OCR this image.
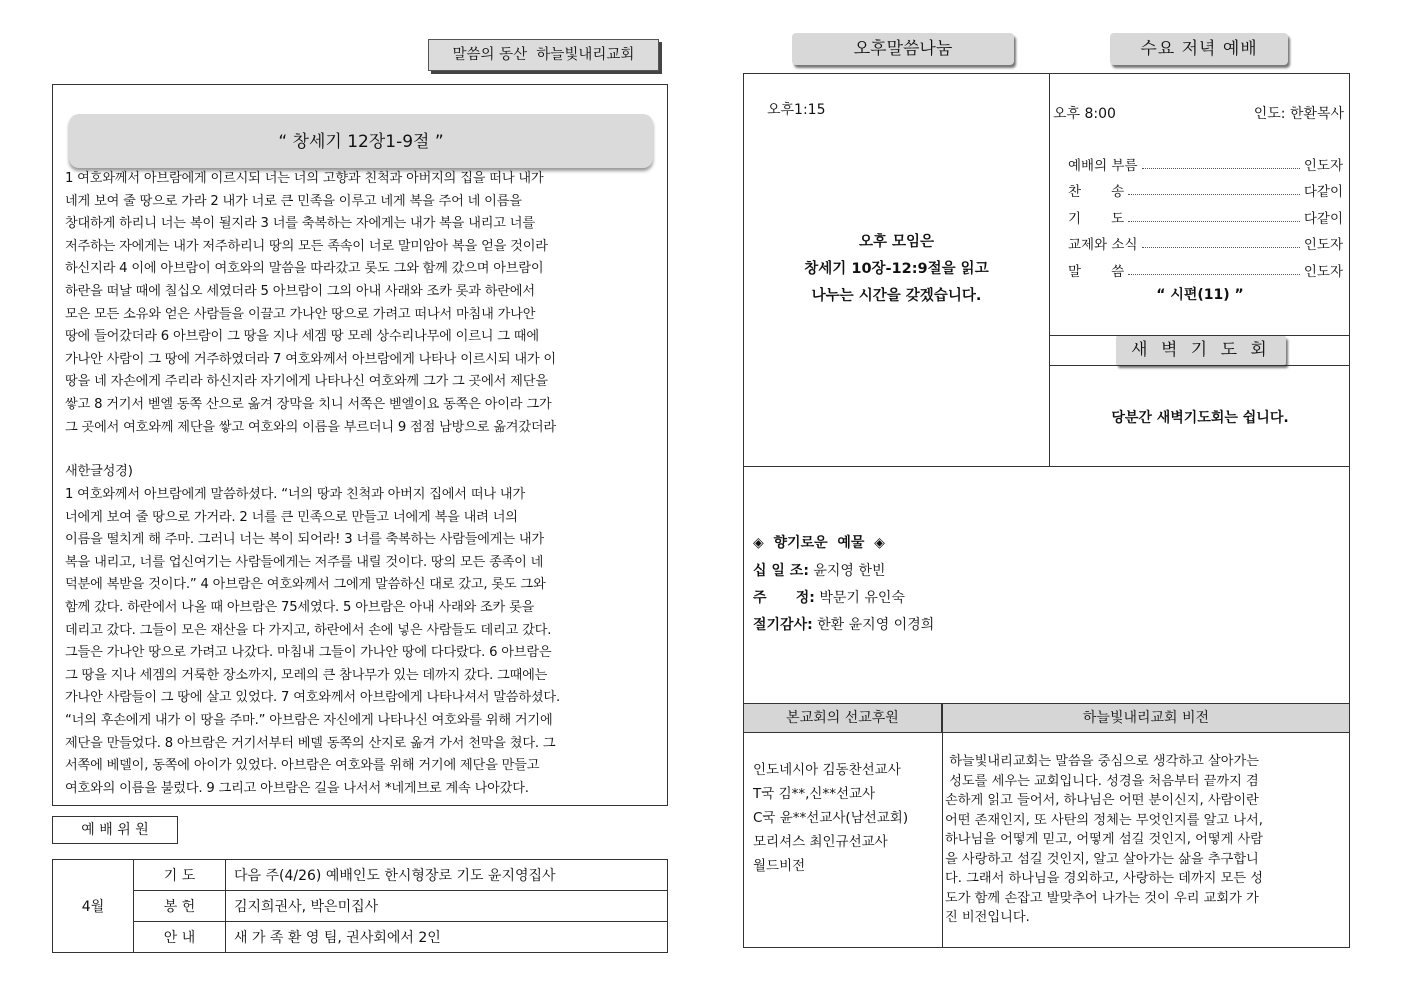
말씀의 동산  하늘빛내리교회
“ 창세기 12장1-9절 ”
1 여호와께서 아브람에게 이르시되 너는 너의 고향과 친척과 아버지의 집을 떠나 내가
네게 보여 줄 땅으로 가라 2 내가 너로 큰 민족을 이루고 네게 복을 주어 네 이름을
창대하게 하리니 너는 복이 될지라 3 너를 축복하는 자에게는 내가 복을 내리고 너를
저주하는 자에게는 내가 저주하리니 땅의 모든 족속이 너로 말미암아 복을 얻을 것이라
하신지라 4 이에 아브람이 여호와의 말씀을 따라갔고 롯도 그와 함께 갔으며 아브람이
하란을 떠날 때에 칠십오 세였더라 5 아브람이 그의 아내 사래와 조카 롯과 하란에서
모은 모든 소유와 얻은 사람들을 이끌고 가나안 땅으로 가려고 떠나서 마침내 가나안
땅에 들어갔더라 6 아브람이 그 땅을 지나 세겜 땅 모레 상수리나무에 이르니 그 때에
가나안 사람이 그 땅에 거주하였더라 7 여호와께서 아브람에게 나타나 이르시되 내가 이
땅을 네 자손에게 주리라 하신지라 자기에게 나타나신 여호와께 그가 그 곳에서 제단을
쌓고 8 거기서 벧엘 동쪽 산으로 옮겨 장막을 치니 서쪽은 벧엘이요 동쪽은 아이라 그가
그 곳에서 여호와께 제단을 쌓고 여호와의 이름을 부르더니 9 점점 남방으로 옮겨갔더라
새한글성경)
1 여호와께서 아브람에게 말씀하셨다. “너의 땅과 친척과 아버지 집에서 떠나 내가
너에게 보여 줄 땅으로 가거라. 2 너를 큰 민족으로 만들고 너에게 복을 내려 너의
이름을 떨치게 해 주마. 그러니 너는 복이 되어라! 3 너를 축복하는 사람들에게는 내가
복을 내리고, 너를 업신여기는 사람들에게는 저주를 내릴 것이다. 땅의 모든 종족이 네
덕분에 복받을 것이다.” 4 아브람은 여호와께서 그에게 말씀하신 대로 갔고, 롯도 그와
함께 갔다. 하란에서 나올 때 아브람은 75세였다. 5 아브람은 아내 사래와 조카 롯을
데리고 갔다. 그들이 모은 재산을 다 가지고, 하란에서 손에 넣은 사람들도 데리고 갔다.
그들은 가나안 땅으로 가려고 나갔다. 마침내 그들이 가나안 땅에 다다랐다. 6 아브람은
그 땅을 지나 세겜의 거룩한 장소까지, 모레의 큰 참나무가 있는 데까지 갔다. 그때에는
가나안 사람들이 그 땅에 살고 있었다. 7 여호와께서 아브람에게 나타나셔서 말씀하셨다.
“너의 후손에게 내가 이 땅을 주마.” 아브람은 자신에게 나타나신 여호와를 위해 거기에
제단을 만들었다. 8 아브람은 거기서부터 베델 동쪽의 산지로 옮겨 가서 천막을 쳤다. 그
서쪽에 베델이, 동쪽에 아이가 있었다. 아브람은 여호와를 위해 거기에 제단을 만들고
여호와의 이름을 불렀다. 9 그리고 아브람은 길을 나서서 *네게브로 계속 나아갔다.
예 배 위 원
4월	기 도	다음 주(4/26) 예배인도 한시형장로 기도 윤지영집사
	봉 헌	김지희권사, 박은미집사
	안 내	새 가 족 환 영 팀, 권사회에서 2인
오후말씀나눔	수요 저녁 예배
오후1:15
오후 모임은
창세기 10장-12:9절을 읽고
나누는 시간을 갖겠습니다.
오후 8:00	인도: 한환목사
예배의 부름	인도자
찬       송	다같이
기       도	다같이
교제와 소식	인도자
말       씀	인도자
“ 시편(11) ”
새 벽 기 도 회
당분간 새벽기도회는 쉽니다.
◈  향기로운  예물  ◈
십 일 조: 윤지영 한빈
주      정: 박문기 유인숙
절기감사: 한환 윤지영 이경희
본교회의 선교후원	하늘빛내리교회 비전
인도네시아 김동찬선교사
T국 김**,신**선교사
C국 윤**선교사(남선교회)
모리셔스 최인규선교사
월드비전
하늘빛내리교회는 말씀을 중심으로 생각하고 살아가는
성도를 세우는 교회입니다. 성경을 처음부터 끝까지 겸
손하게 읽고 들어서, 하나님은 어떤 분이신지, 사람이란
어떤 존재인지, 또 사탄의 정체는 무엇인지를 알고 나서,
하나님을 어떻게 믿고, 어떻게 섬길 것인지, 어떻게 사람
을 사랑하고 섬길 것인지, 알고 살아가는 삶을 추구합니
다. 그래서 하나님을 경외하고, 사랑하는 데까지 모든 성
도가 함께 손잡고 발맞추어 나가는 것이 우리 교회가 가
진 비전입니다.
